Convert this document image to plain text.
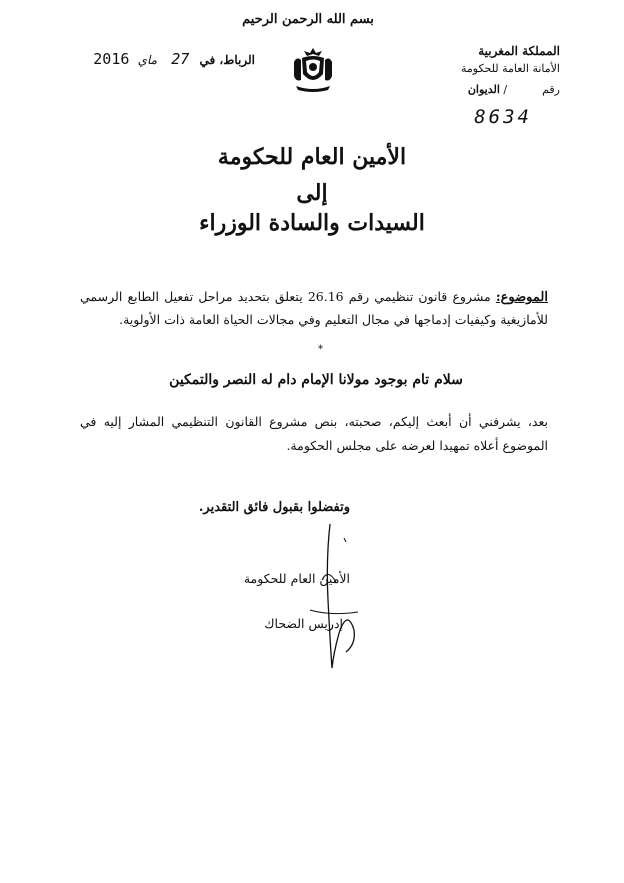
بسم الله الرحمن الرحيم
المملكة المغربية
الأمانة العامة للحكومة
رقم          / الديوان
8634
الرباط، في 27 ماي 2016
الأمين العام للحكومة
إلى
السيدات والسادة الوزراء
الموضوع: مشروع قانون تنظيمي رقم 26.16 يتعلق بتحديد مراحل تفعيل الطابع الرسمي للأمازيغية وكيفيات إدماجها في مجال التعليم وفي مجالات الحياة العامة ذات الأولوية.
*
سلام تام بوجود مولانا الإمام دام له النصر والتمكين
بعد، يشرفني أن أبعث إليكم، صحبته، بنص مشروع القانون التنظيمي المشار إليه في الموضوع أعلاه تمهيدا لعرضه على مجلس الحكومة.
وتفضلوا بقبول فائق التقدير.
الأمين العام للحكومة
إدريس الضحاك
